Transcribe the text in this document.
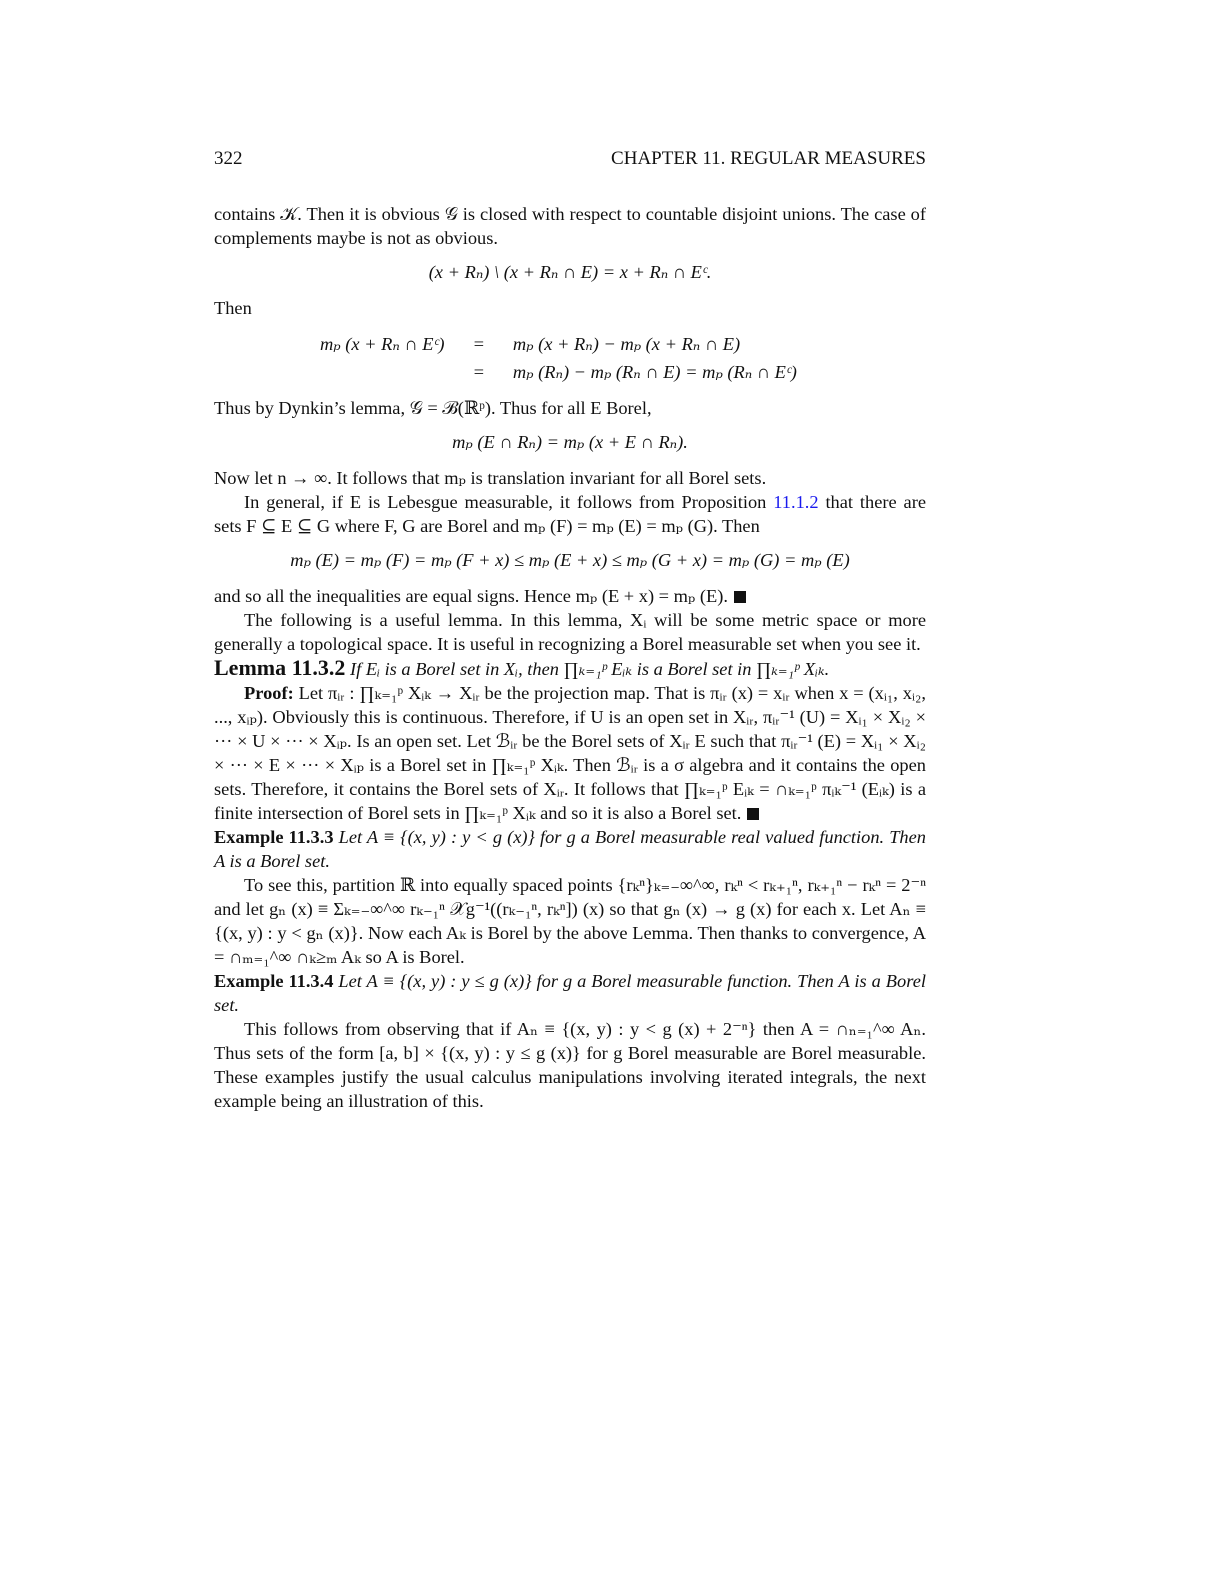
322	CHAPTER 11. REGULAR MEASURES

contains 𝒦. Then it is obvious 𝒢 is closed with respect to countable disjoint unions. The case of complements maybe is not as obvious.

(x + Rₙ) \ (x + Rₙ ∩ E) = x + Rₙ ∩ Eᶜ.

Then

mₚ (x + Rₙ ∩ Eᶜ)	=	mₚ (x + Rₙ) − mₚ (x + Rₙ ∩ E)
	=	mₚ (Rₙ) − mₚ (Rₙ ∩ E) = mₚ (Rₙ ∩ Eᶜ)

Thus by Dynkin’s lemma, 𝒢 = ℬ(ℝᵖ). Thus for all E Borel,

mₚ (E ∩ Rₙ) = mₚ (x + E ∩ Rₙ).

Now let n → ∞. It follows that mₚ is translation invariant for all Borel sets.

In general, if E is Lebesgue measurable, it follows from Proposition 11.1.2 that there are sets F ⊆ E ⊆ G where F, G are Borel and mₚ (F) = mₚ (E) = mₚ (G). Then

mₚ (E) = mₚ (F) = mₚ (F + x) ≤ mₚ (E + x) ≤ mₚ (G + x) = mₚ (G) = mₚ (E)

and so all the inequalities are equal signs. Hence mₚ (E + x) = mₚ (E).

The following is a useful lemma. In this lemma, Xᵢ will be some metric space or more generally a topological space. It is useful in recognizing a Borel measurable set when you see it.

Lemma 11.3.2 If Eᵢ is a Borel set in Xᵢ, then ∏ₖ₌₁ᵖ Eᵢₖ is a Borel set in ∏ₖ₌₁ᵖ Xᵢₖ.

Proof: Let πᵢᵣ : ∏ₖ₌₁ᵖ Xᵢₖ → Xᵢᵣ be the projection map. That is πᵢᵣ (x) = xᵢᵣ when x = (xᵢ₁, xᵢ₂, ..., xᵢₚ). Obviously this is continuous. Therefore, if U is an open set in Xᵢᵣ, πᵢᵣ⁻¹ (U) = Xᵢ₁ × Xᵢ₂ × ··· × U × ··· × Xᵢₚ. Is an open set. Let ℬᵢᵣ be the Borel sets of Xᵢᵣ E such that πᵢᵣ⁻¹ (E) = Xᵢ₁ × Xᵢ₂ × ··· × E × ··· × Xᵢₚ is a Borel set in ∏ₖ₌₁ᵖ Xᵢₖ. Then ℬᵢᵣ is a σ algebra and it contains the open sets. Therefore, it contains the Borel sets of Xᵢᵣ. It follows that ∏ₖ₌₁ᵖ Eᵢₖ = ∩ₖ₌₁ᵖ πᵢₖ⁻¹ (Eᵢₖ) is a finite intersection of Borel sets in ∏ₖ₌₁ᵖ Xᵢₖ and so it is also a Borel set.

Example 11.3.3 Let A ≡ {(x, y) : y < g (x)} for g a Borel measurable real valued function. Then A is a Borel set.

To see this, partition ℝ into equally spaced points {rₖⁿ}ₖ₌₋∞^∞, rₖⁿ < rₖ₊₁ⁿ, rₖ₊₁ⁿ − rₖⁿ = 2⁻ⁿ and let gₙ (x) ≡ Σₖ₌₋∞^∞ rₖ₋₁ⁿ 𝒳g⁻¹((rₖ₋₁ⁿ, rₖⁿ]) (x) so that gₙ (x) → g (x) for each x. Let Aₙ ≡ {(x, y) : y < gₙ (x)}. Now each Aₖ is Borel by the above Lemma. Then thanks to convergence, A = ∩ₘ₌₁^∞ ∩ₖ≥ₘ Aₖ so A is Borel.

Example 11.3.4 Let A ≡ {(x, y) : y ≤ g (x)} for g a Borel measurable function. Then A is a Borel set.

This follows from observing that if Aₙ ≡ {(x, y) : y < g (x) + 2⁻ⁿ} then A = ∩ₙ₌₁^∞ Aₙ. Thus sets of the form [a, b] × {(x, y) : y ≤ g (x)} for g Borel measurable are Borel measurable. These examples justify the usual calculus manipulations involving iterated integrals, the next example being an illustration of this.
